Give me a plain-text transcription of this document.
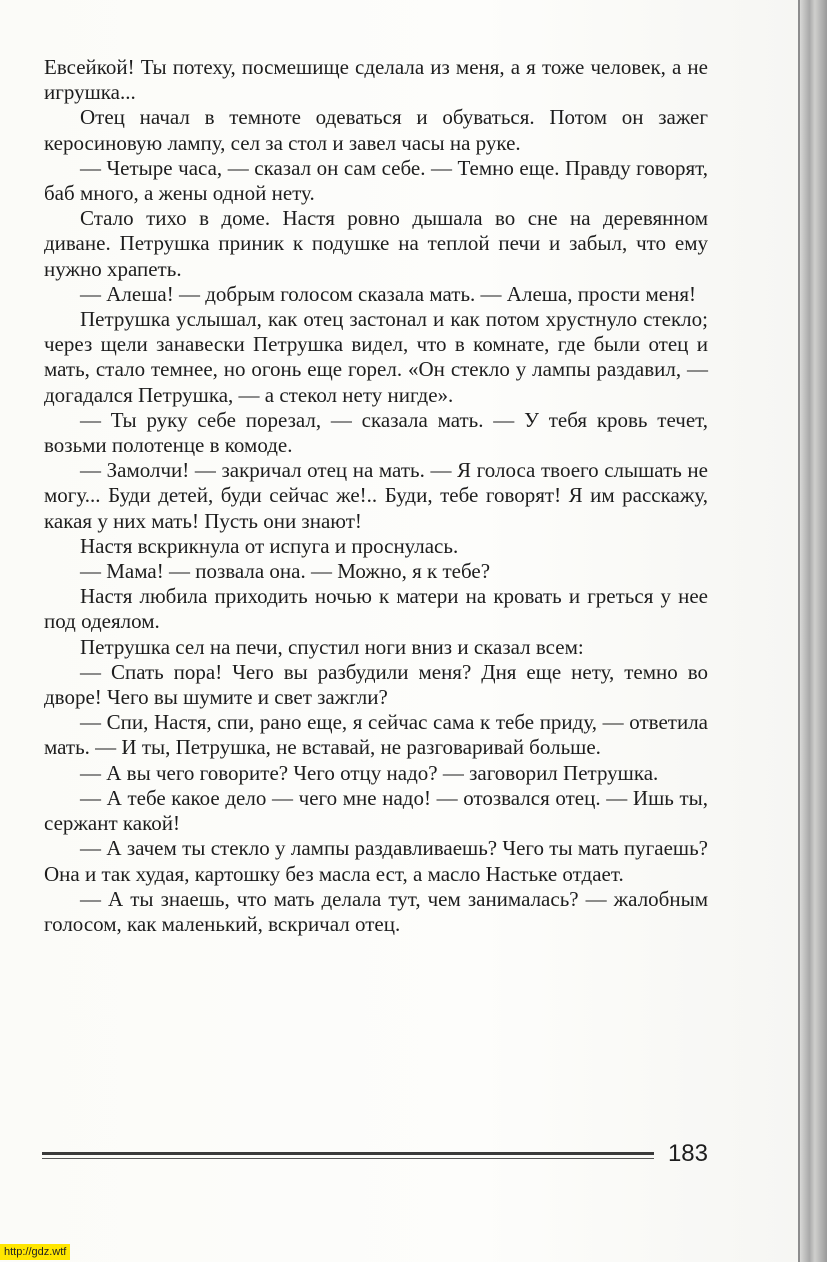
Евсейкой! Ты потеху, посмешище сделала из меня, а я тоже человек, а не игрушка...

Отец начал в темноте одеваться и обуваться. Потом он зажег керосиновую лампу, сел за стол и завел часы на руке.

— Четыре часа, — сказал он сам себе. — Темно еще. Правду говорят, баб много, а жены одной нету.

Стало тихо в доме. Настя ровно дышала во сне на деревянном диване. Петрушка приник к подушке на теплой печи и забыл, что ему нужно храпеть.

— Алеша! — добрым голосом сказала мать. — Алеша, прости меня!

Петрушка услышал, как отец застонал и как потом хрустнуло стекло; через щели занавески Петрушка видел, что в комнате, где были отец и мать, стало темнее, но огонь еще горел. «Он стекло у лампы раздавил, — догадался Петрушка, — а стекол нету нигде».

— Ты руку себе порезал, — сказала мать. — У тебя кровь течет, возьми полотенце в комоде.

— Замолчи! — закричал отец на мать. — Я голоса твоего слышать не могу... Буди детей, буди сейчас же!.. Буди, тебе говорят! Я им расскажу, какая у них мать! Пусть они знают!

Настя вскрикнула от испуга и проснулась.

— Мама! — позвала она. — Можно, я к тебе?

Настя любила приходить ночью к матери на кровать и греться у нее под одеялом.

Петрушка сел на печи, спустил ноги вниз и сказал всем:

— Спать пора! Чего вы разбудили меня? Дня еще нету, темно во дворе! Чего вы шумите и свет зажгли?

— Спи, Настя, спи, рано еще, я сейчас сама к тебе приду, — ответила мать. — И ты, Петрушка, не вставай, не разговаривай больше.

— А вы чего говорите? Чего отцу надо? — заговорил Петрушка.

— А тебе какое дело — чего мне надо! — отозвался отец. — Ишь ты, сержант какой!

— А зачем ты стекло у лампы раздавливаешь? Чего ты мать пугаешь? Она и так худая, картошку без масла ест, а масло Настьке отдает.

— А ты знаешь, что мать делала тут, чем занималась? — жалобным голосом, как маленький, вскричал отец.

183
http://gdz.wtf
